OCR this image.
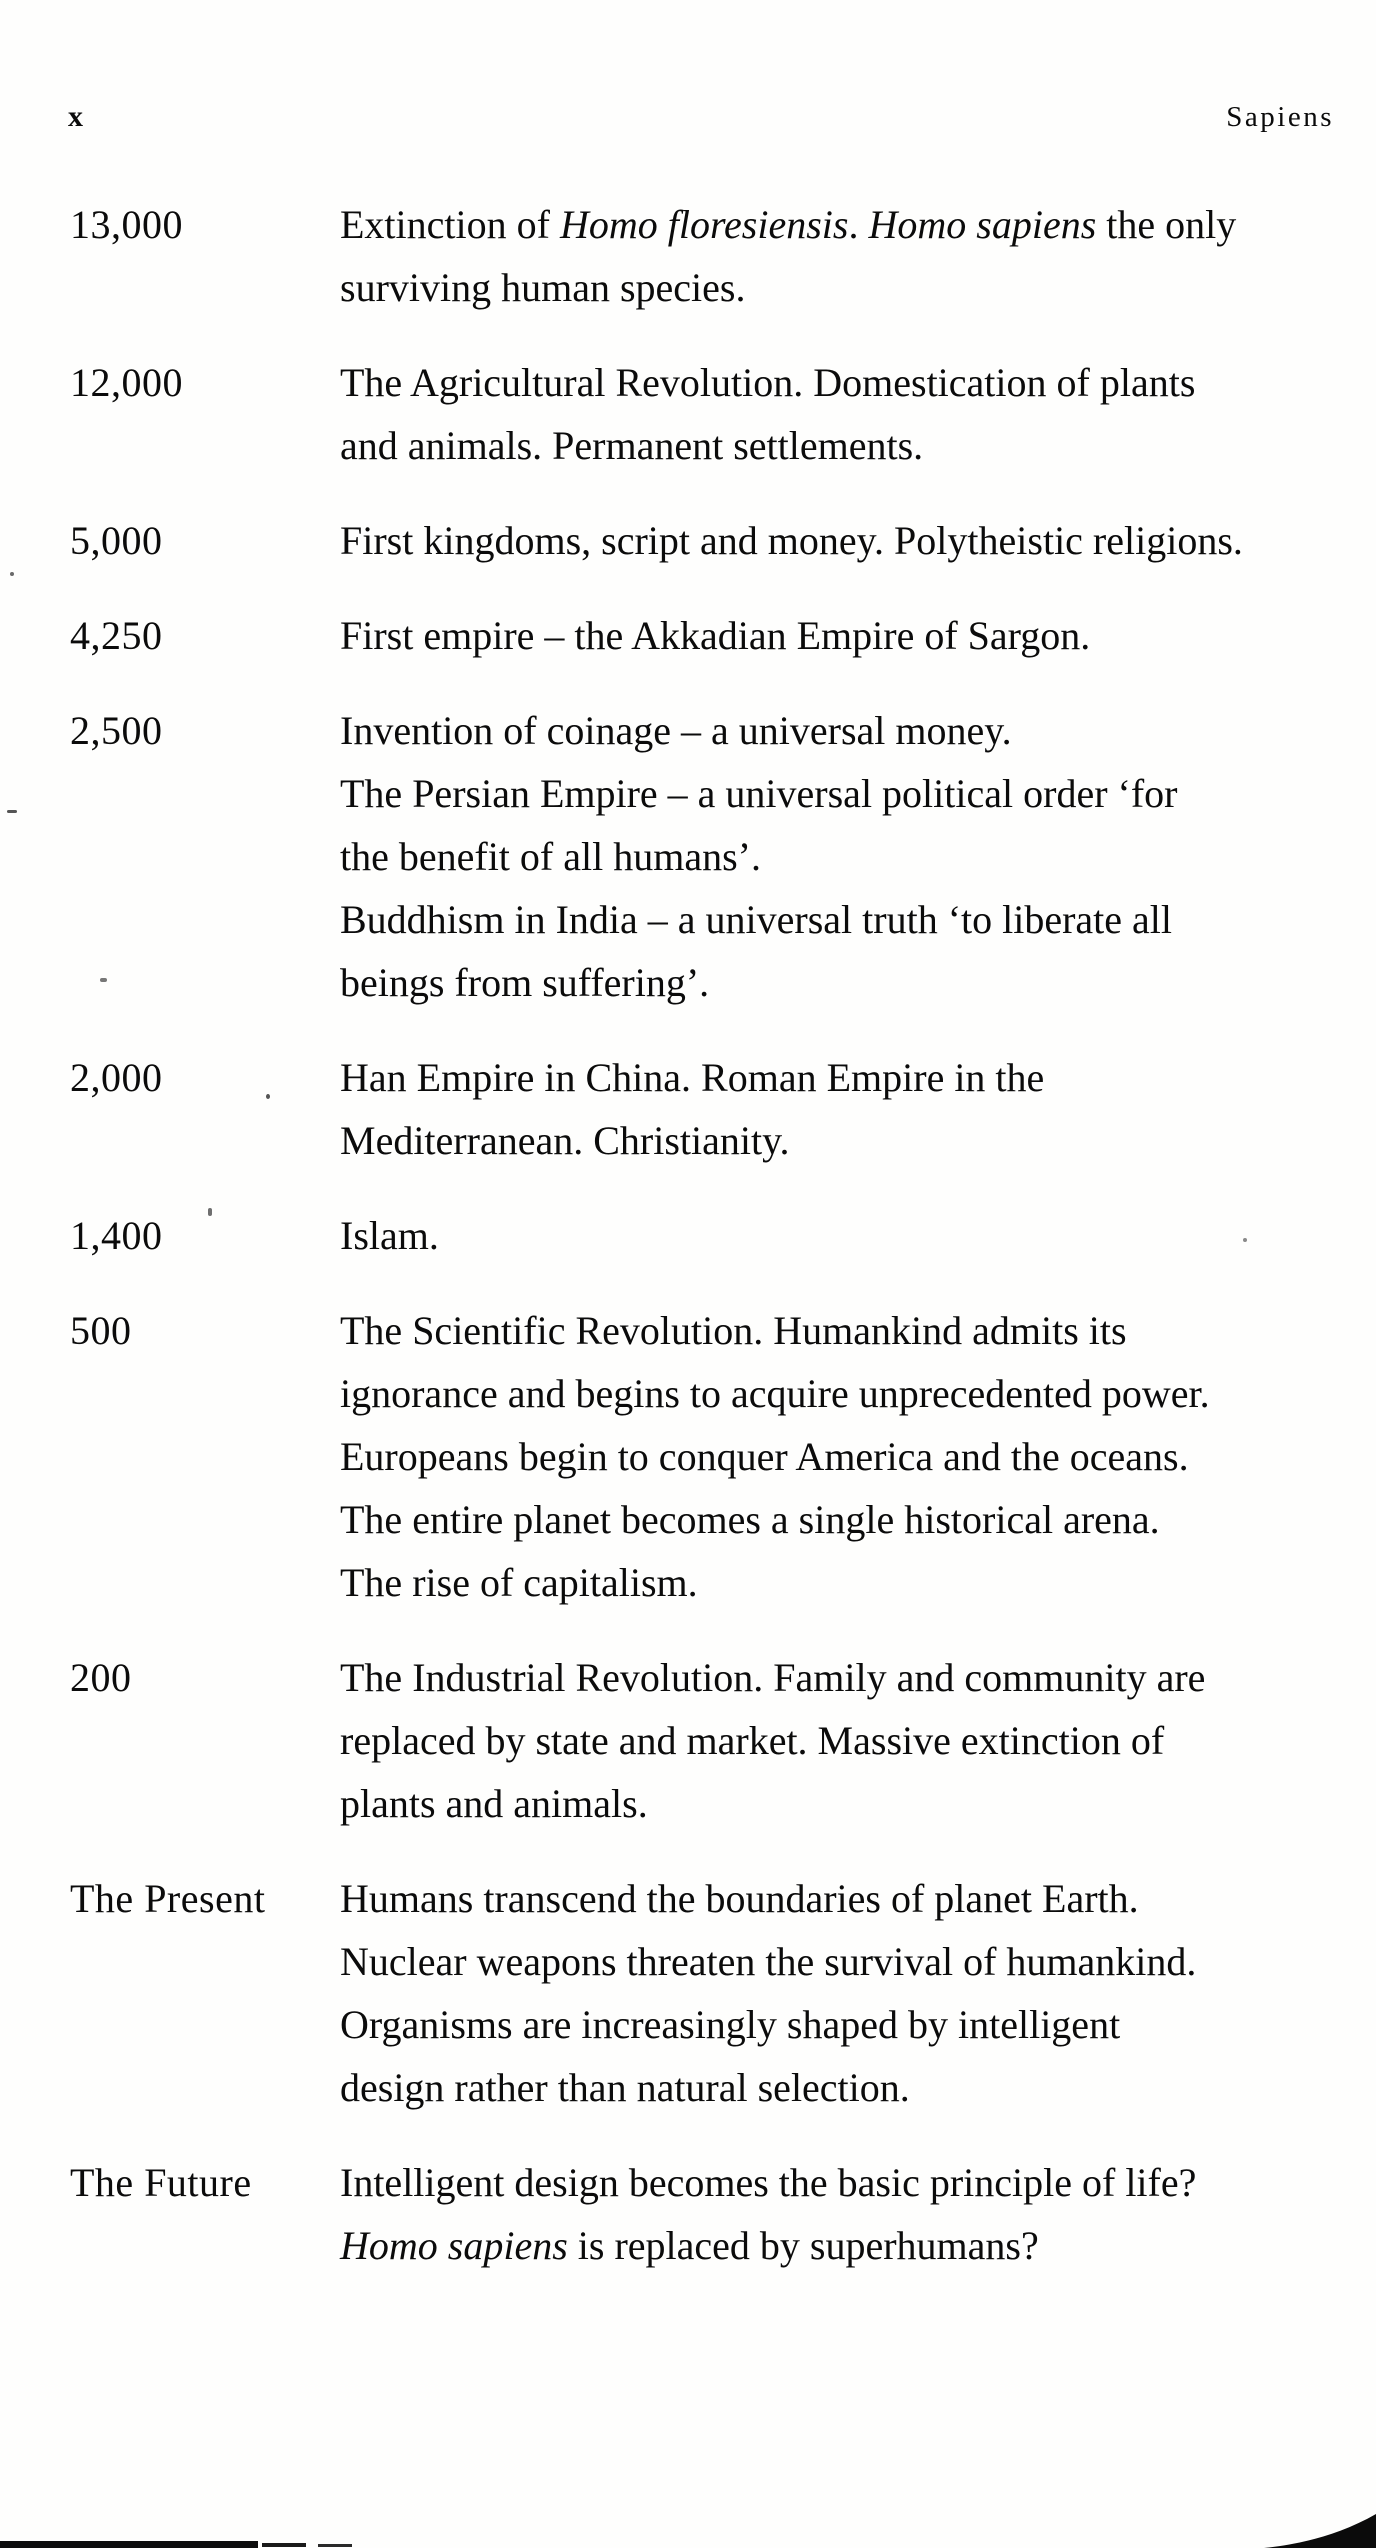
x	Sapiens
13,000	Extinction of Homo floresiensis. Homo sapiens the only
surviving human species.
12,000	The Agricultural Revolution. Domestication of plants
and animals. Permanent settlements.
5,000	First kingdoms, script and money. Polytheistic religions.
4,250	First empire – the Akkadian Empire of Sargon.
2,500	Invention of coinage – a universal money.
The Persian Empire – a universal political order ‘for
the benefit of all humans’.
Buddhism in India – a universal truth ‘to liberate all
beings from suffering’.
2,000	Han Empire in China. Roman Empire in the
Mediterranean. Christianity.
1,400	Islam.
500	The Scientific Revolution. Humankind admits its
ignorance and begins to acquire unprecedented power.
Europeans begin to conquer America and the oceans.
The entire planet becomes a single historical arena.
The rise of capitalism.
200	The Industrial Revolution. Family and community are
replaced by state and market. Massive extinction of
plants and animals.
The Present	Humans transcend the boundaries of planet Earth.
Nuclear weapons threaten the survival of humankind.
Organisms are increasingly shaped by intelligent
design rather than natural selection.
The Future	Intelligent design becomes the basic principle of life?
Homo sapiens is replaced by superhumans?
